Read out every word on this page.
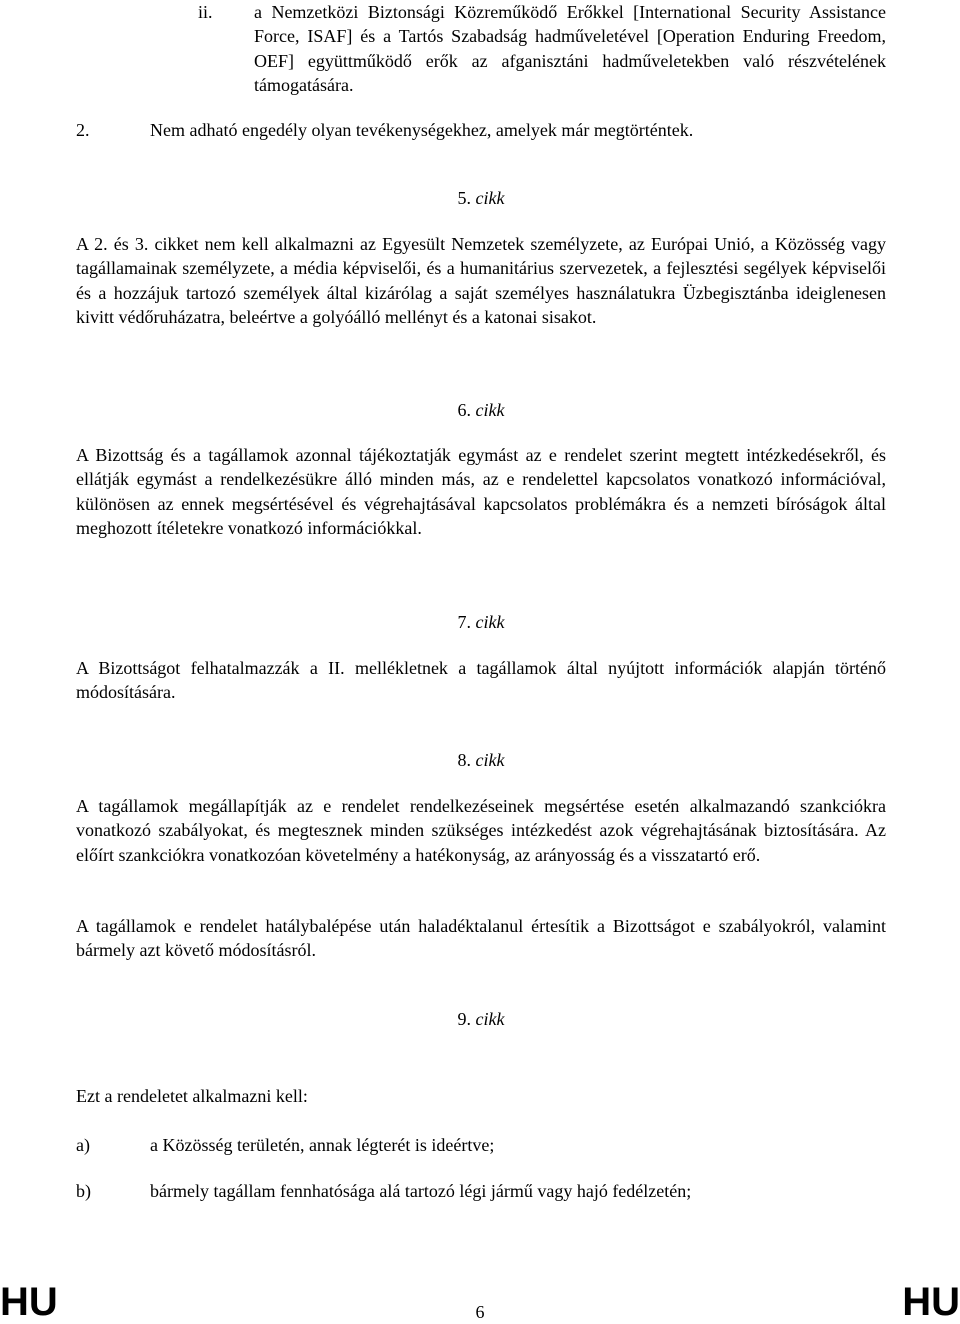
ii. a Nemzetközi Biztonsági Közreműködő Erőkkel [International Security Assistance Force, ISAF] és a Tartós Szabadság hadműveletével [Operation Enduring Freedom, OEF] együttműködő erők az afganisztáni hadműveletekben való részvételének támogatására.

2.	Nem adható engedély olyan tevékenységekhez, amelyek már megtörténtek.

5. cikk

A 2. és 3. cikket nem kell alkalmazni az Egyesült Nemzetek személyzete, az Európai Unió, a Közösség vagy tagállamainak személyzete, a média képviselői, és a humanitárius szervezetek, a fejlesztési segélyek képviselői és a hozzájuk tartozó személyek által kizárólag a saját személyes használatukra Üzbegisztánba ideiglenesen kivitt védőruházatra, beleértve a golyóálló mellényt és a katonai sisakot.

6. cikk

A Bizottság és a tagállamok azonnal tájékoztatják egymást az e rendelet szerint megtett intézkedésekről, és ellátják egymást a rendelkezésükre álló minden más, az e rendelettel kapcsolatos vonatkozó információval, különösen az ennek megsértésével és végrehajtásával kapcsolatos problémákra és a nemzeti bíróságok által meghozott ítéletekre vonatkozó információkkal.

7. cikk

A Bizottságot felhatalmazzák a II. mellékletnek a tagállamok által nyújtott információk alapján történő módosítására.

8. cikk

A tagállamok megállapítják az e rendelet rendelkezéseinek megsértése esetén alkalmazandó szankciókra vonatkozó szabályokat, és megtesznek minden szükséges intézkedést azok végrehajtásának biztosítására. Az előírt szankciókra vonatkozóan követelmény a hatékonyság, az arányosság és a visszatartó erő.

A tagállamok e rendelet hatálybalépése után haladéktalanul értesítik a Bizottságot e szabályokról, valamint bármely azt követő módosításról.

9. cikk

Ezt a rendeletet alkalmazni kell:

a)	a Közösség területén, annak légterét is ideértve;

b)	bármely tagállam fennhatósága alá tartozó légi jármű vagy hajó fedélzetén;

HU	6	HU
